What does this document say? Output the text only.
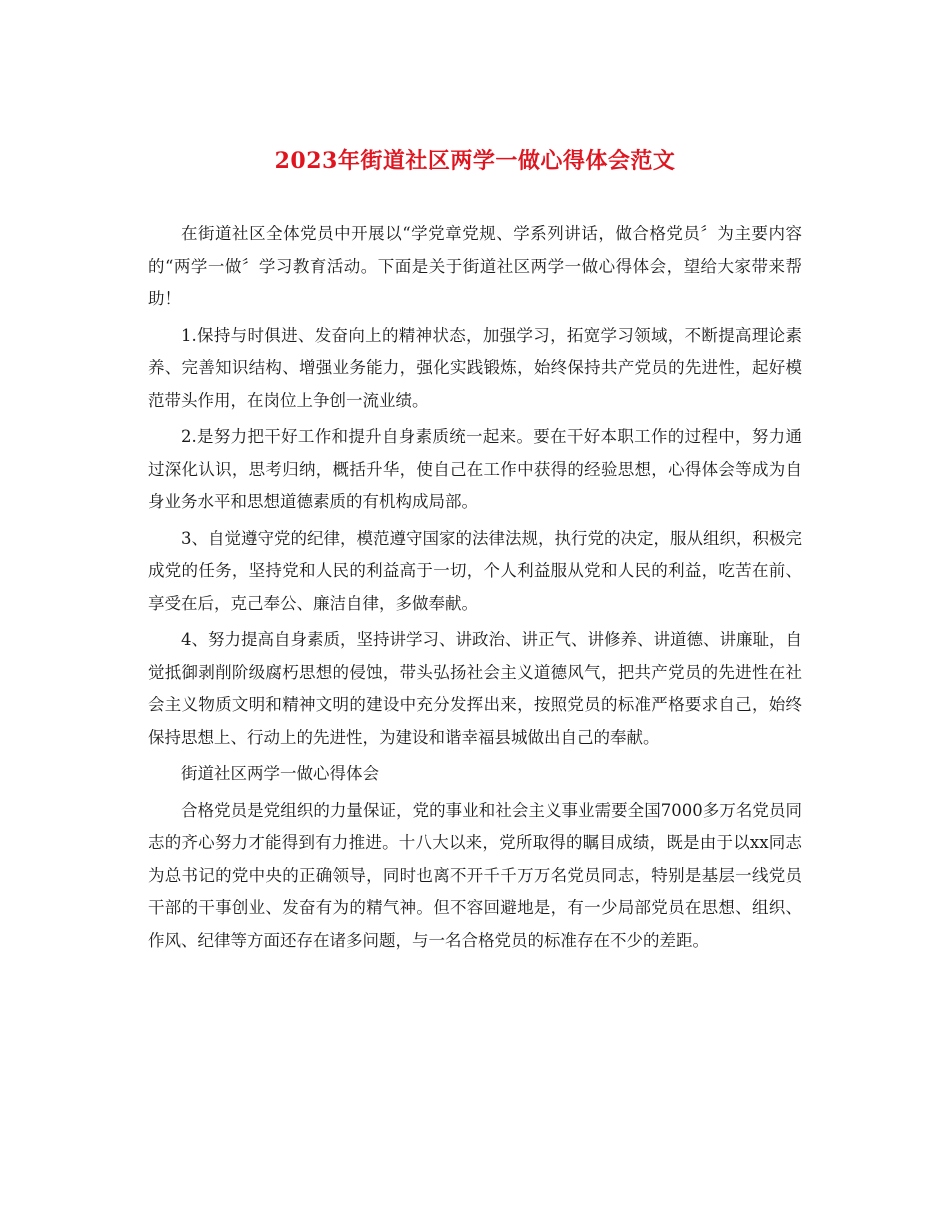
2023年街道社区两学一做心得体会范文

在街道社区全体党员中开展以“学党章党规、学系列讲话，做合格党员〞为主要内容的“两学一做〞学习教育活动。下面是关于街道社区两学一做心得体会，望给大家带来帮助！

1.保持与时俱进、发奋向上的精神状态，加强学习，拓宽学习领域，不断提高理论素养、完善知识结构、增强业务能力，强化实践锻炼，始终保持共产党员的先进性，起好模范带头作用，在岗位上争创一流业绩。

2.是努力把干好工作和提升自身素质统一起来。要在干好本职工作的过程中，努力通过深化认识，思考归纳，概括升华，使自己在工作中获得的经验思想，心得体会等成为自身业务水平和思想道德素质的有机构成局部。

3、自觉遵守党的纪律，模范遵守国家的法律法规，执行党的决定，服从组织，积极完成党的任务，坚持党和人民的利益高于一切，个人利益服从党和人民的利益，吃苦在前、享受在后，克己奉公、廉洁自律，多做奉献。

4、努力提高自身素质，坚持讲学习、讲政治、讲正气、讲修养、讲道德、讲廉耻，自觉抵御剥削阶级腐朽思想的侵蚀，带头弘扬社会主义道德风气，把共产党员的先进性在社会主义物质文明和精神文明的建设中充分发挥出来，按照党员的标准严格要求自己，始终保持思想上、行动上的先进性，为建设和谐幸福县城做出自己的奉献。

街道社区两学一做心得体会

合格党员是党组织的力量保证，党的事业和社会主义事业需要全国7000多万名党员同志的齐心努力才能得到有力推进。十八大以来，党所取得的瞩目成绩，既是由于以xx同志为总书记的党中央的正确领导，同时也离不开千千万万名党员同志，特别是基层一线党员干部的干事创业、发奋有为的精气神。但不容回避地是，有一少局部党员在思想、组织、作风、纪律等方面还存在诸多问题，与一名合格党员的标准存在不少的差距。
